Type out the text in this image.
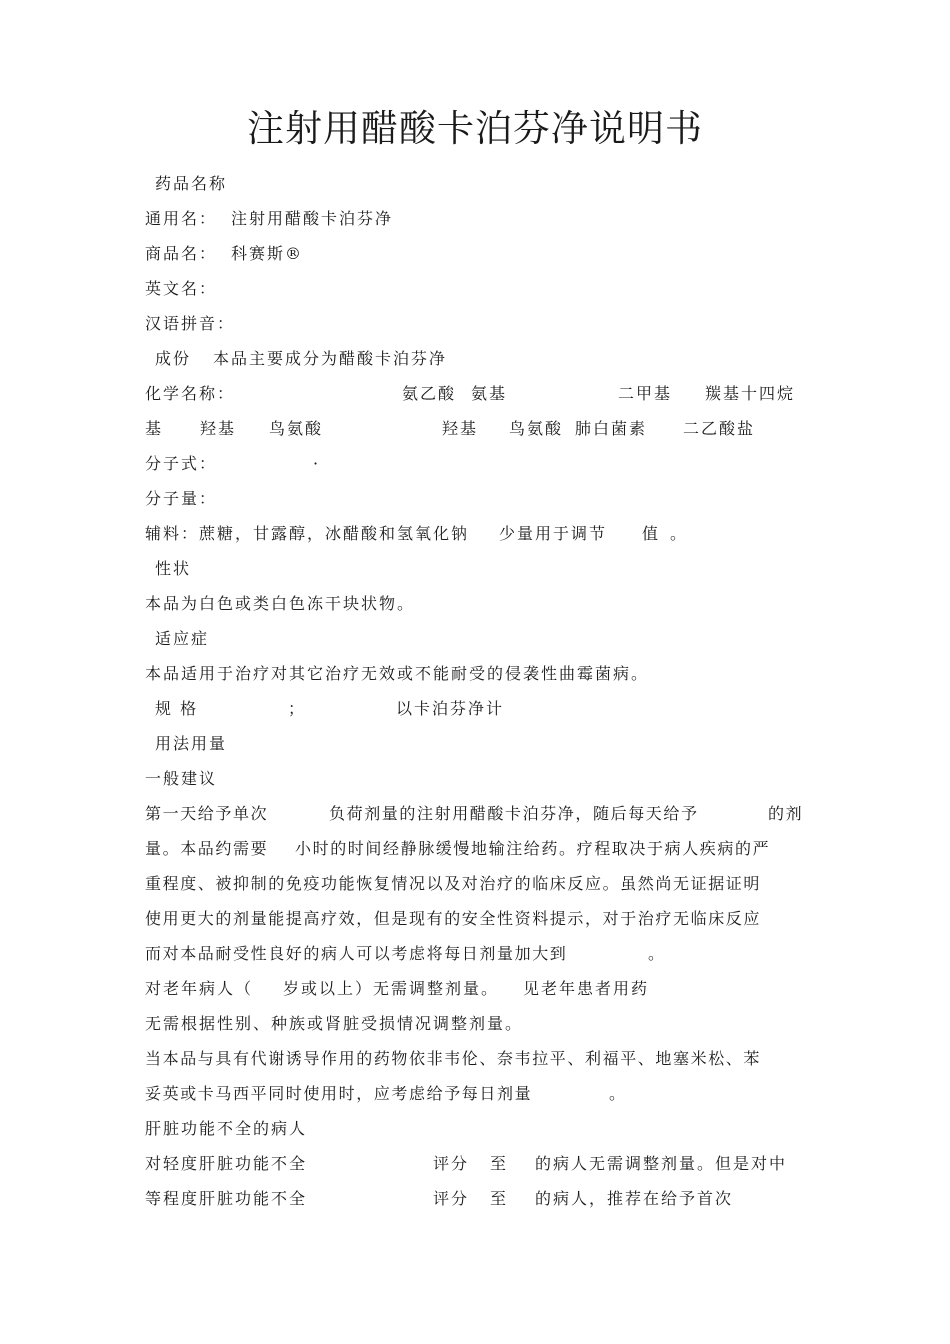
注射用醋酸卡泊芬净说明书
药品名称
通用名： 注射用醋酸卡泊芬净
商品名： 科赛斯®
英文名：
汉语拼音：
成份 本品主要成分为醋酸卡泊芬净
化学名称：	氨乙酸 氨基	二甲基 羰基十四烷
基 羟基 鸟氨酸	羟基 鸟氨酸 肺白菌素 二乙酸盐
分子式：	·
分子量：
辅料：蔗糖，甘露醇，冰醋酸和氢氧化钠 少量用于调节 值 。
性状
本品为白色或类白色冻干块状物。
适应症
本品适用于治疗对其它治疗无效或不能耐受的侵袭性曲霉菌病。
规 格	；	以卡泊芬净计
用法用量
一般建议
第一天给予单次	负荷剂量的注射用醋酸卡泊芬净，随后每天给予	的剂
量。本品约需要 小时的时间经静脉缓慢地输注给药。疗程取决于病人疾病的严
重程度、被抑制的免疫功能恢复情况以及对治疗的临床反应。虽然尚无证据证明
使用更大的剂量能提高疗效，但是现有的安全性资料提示，对于治疗无临床反应
而对本品耐受性良好的病人可以考虑将每日剂量加大到	。
对老年病人（ 岁或以上）无需调整剂量。 见老年患者用药
无需根据性别、种族或肾脏受损情况调整剂量。
当本品与具有代谢诱导作用的药物依非韦伦、奈韦拉平、利福平、地塞米松、苯
妥英或卡马西平同时使用时，应考虑给予每日剂量	。
肝脏功能不全的病人
对轻度肝脏功能不全	评分 至 的病人无需调整剂量。但是对中
等程度肝脏功能不全	评分 至 的病人，推荐在给予首次
